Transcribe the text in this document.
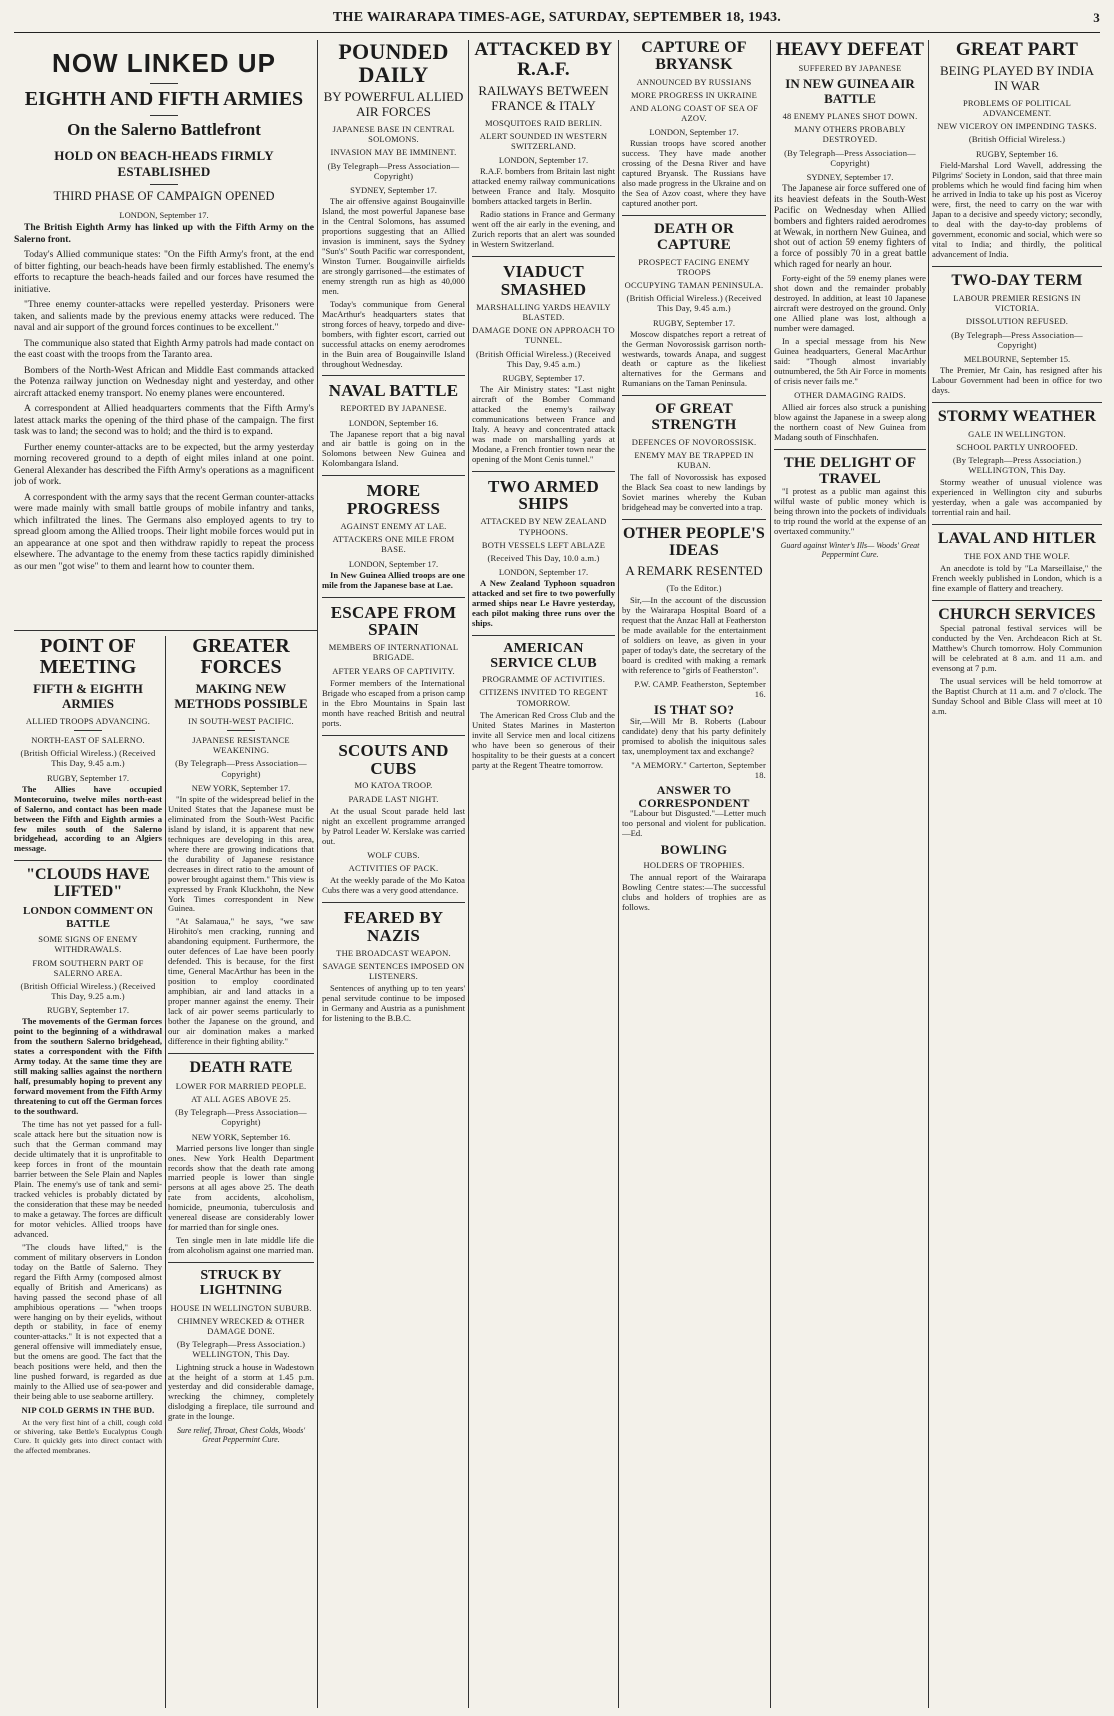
THE WAIRARAPA TIMES-AGE, SATURDAY, SEPTEMBER 18, 1943.	3
NOW LINKED UP
EIGHTH AND FIFTH ARMIES
On the Salerno Battlefront
HOLD ON BEACH-HEADS FIRMLY ESTABLISHED
THIRD PHASE OF CAMPAIGN OPENED
LONDON, September 17.

The British Eighth Army has linked up with the Fifth Army on the Salerno front.

Today's Allied communique states: "On the Fifth Army's front, at the end of bitter fighting, our beach-heads have been firmly established. The enemy's efforts to recapture the beach-heads failed and our forces have resumed the initiative.

"Three enemy counter-attacks were repelled yesterday. Prisoners were taken, and salients made by the previous enemy attacks were reduced. The naval and air support of the ground forces continues to be excellent."

The communique also stated that Eighth Army patrols had made contact on the east coast with the troops from the Taranto area.

Bombers of the North-West African and Middle East commands attacked the Potenza railway junction on Wednesday night and yesterday, and other aircraft attacked enemy transport. No enemy planes were encountered.

A correspondent at Allied headquarters comments that the Fifth Army's latest attack marks the opening of the third phase of the campaign. The first task was to land; the second was to hold; and the third is to expand.

Further enemy counter-attacks are to be expected, but the army yesterday morning recovered ground to a depth of eight miles inland at one point. General Alexander has described the Fifth Army's operations as a magnificent job of work.

A correspondent with the army says that the recent German counter-attacks were made mainly with small battle groups of mobile infantry and tanks, which infiltrated the lines. The Germans also employed agents to try to spread gloom among the Allied troops. Their light mobile forces would put in an appearance at one spot and then withdraw rapidly to repeat the process elsewhere. The advantage to the enemy from these tactics rapidly diminished as our men "got wise" to them and learnt how to counter them.

POINT OF MEETING
FIFTH & EIGHTH ARMIES
ALLIED TROOPS ADVANCING.
NORTH-EAST OF SALERNO.
(British Official Wireless.) (Received This Day, 9.45 a.m.)
RUGBY, September 17.

The Allies have occupied Montecoruino, twelve miles north-east of Salerno, and contact has been made between the Fifth and Eighth armies a few miles south of the Salerno bridgehead, according to an Algiers message.

"CLOUDS HAVE LIFTED"
LONDON COMMENT ON BATTLE
SOME SIGNS OF ENEMY WITHDRAWALS.
FROM SOUTHERN PART OF SALERNO AREA.
(British Official Wireless.) (Received This Day, 9.25 a.m.)
RUGBY, September 17.

The movements of the German forces point to the beginning of a withdrawal from the southern Salerno bridgehead, states a correspondent with the Fifth Army today. At the same time they are still making sallies against the northern half, presumably hoping to prevent any forward movement from the Fifth Army threatening to cut off the German forces to the southward.

The time has not yet passed for a full-scale attack here but the situation now is such that the German command may decide ultimately that it is unprofitable to keep forces in front of the mountain barrier between the Sele Plain and Naples Plain. The enemy's use of tank and semi-tracked vehicles is probably dictated by the consideration that these may be needed to make a getaway. The forces are difficult for motor vehicles. Allied troops have advanced.

"The clouds have lifted," is the comment of military observers in London today on the Battle of Salerno. They regard the Fifth Army (composed almost equally of British and Americans) as having passed the second phase of all amphibious operations — "when troops were hanging on by their eyelids, without depth or stability, in face of enemy counter-attacks." It is not expected that a general offensive will immediately ensue, but the omens are good. The fact that the beach positions were held, and then the line pushed forward, is regarded as due mainly to the Allied use of sea-power and their being able to use seaborne artillery.

NIP COLD GERMS IN THE BUD.

At the very first hint of a chill, cough cold or shivering, take Bettle's Eucalyptus Cough Cure. It quickly gets into direct contact with the affected membranes.

GREATER FORCES
MAKING NEW METHODS POSSIBLE
IN SOUTH-WEST PACIFIC.
JAPANESE RESISTANCE WEAKENING.
(By Telegraph—Press Association—Copyright)
NEW YORK, September 17.

"In spite of the widespread belief in the United States that the Japanese must be eliminated from the South-West Pacific island by island, it is apparent that new techniques are developing in this area, where there are growing indications that the durability of Japanese resistance decreases in direct ratio to the amount of power brought against them." This view is expressed by Frank Kluckhohn, the New York Times correspondent in New Guinea.

"At Salamaua," he says, "we saw Hirohito's men cracking, running and abandoning equipment. Furthermore, the outer defences of Lae have been poorly defended. This is because, for the first time, General MacArthur has been in the position to employ coordinated amphibian, air and land attacks in a proper manner against the enemy. Their lack of air power seems particularly to bother the Japanese on the ground, and our air domination makes a marked difference in their fighting ability."

DEATH RATE
LOWER FOR MARRIED PEOPLE.
AT ALL AGES ABOVE 25.
(By Telegraph—Press Association—Copyright)
NEW YORK, September 16.

Married persons live longer than single ones. New York Health Department records show that the death rate among married people is lower than single persons at all ages above 25. The death rate from accidents, alcoholism, homicide, pneumonia, tuberculosis and venereal disease are considerably lower for married than for single ones.

Ten single men in late middle life die from alcoholism against one married man.

STRUCK BY LIGHTNING
HOUSE IN WELLINGTON SUBURB.
CHIMNEY WRECKED & OTHER DAMAGE DONE.
(By Telegraph—Press Association.) WELLINGTON, This Day.

Lightning struck a house in Wadestown at the height of a storm at 1.45 p.m. yesterday and did considerable damage, wrecking the chimney, completely dislodging a fireplace, tile surround and grate in the lounge.

Sure relief, Throat, Chest Colds, Woods' Great Peppermint Cure.
POUNDED DAILY
BY POWERFUL ALLIED AIR FORCES
JAPANESE BASE IN CENTRAL SOLOMONS.
INVASION MAY BE IMMINENT.
(By Telegraph—Press Association—Copyright)
SYDNEY, September 17.

The air offensive against Bougainville Island, the most powerful Japanese base in the Central Solomons, has assumed proportions suggesting that an Allied invasion is imminent, says the Sydney "Sun's" South Pacific war correspondent, Winston Turner. Bougainville airfields are strongly garrisoned—the estimates of enemy strength run as high as 40,000 men.

Today's communique from General MacArthur's headquarters states that strong forces of heavy, torpedo and dive-bombers, with fighter escort, carried out successful attacks on enemy aerodromes in the Buin area of Bougainville Island throughout Wednesday.

NAVAL BATTLE
REPORTED BY JAPANESE.
LONDON, September 16.

The Japanese report that a big naval and air battle is going on in the Solomons between New Guinea and Kolombangara Island.

MORE PROGRESS
AGAINST ENEMY AT LAE.
ATTACKERS ONE MILE FROM BASE.
LONDON, September 17.

In New Guinea Allied troops are one mile from the Japanese base at Lae.

ESCAPE FROM SPAIN
MEMBERS OF INTERNATIONAL BRIGADE.
AFTER YEARS OF CAPTIVITY.

Former members of the International Brigade who escaped from a prison camp in the Ebro Mountains in Spain last month have reached British and neutral ports.

SCOUTS AND CUBS
MO KATOA TROOP.
PARADE LAST NIGHT.

At the usual Scout parade held last night an excellent programme arranged by Patrol Leader W. Kerslake was carried out.

WOLF CUBS.
ACTIVITIES OF PACK.

At the weekly parade of the Mo Katoa Cubs there was a very good attendance.

FEARED BY NAZIS
THE BROADCAST WEAPON.
SAVAGE SENTENCES IMPOSED ON LISTENERS.

Sentences of anything up to ten years' penal servitude continue to be imposed in Germany and Austria as a punishment for listening to the B.B.C.

ATTACKED BY R.A.F.
RAILWAYS BETWEEN FRANCE & ITALY
MOSQUITOES RAID BERLIN.
ALERT SOUNDED IN WESTERN SWITZERLAND.
LONDON, September 17.

R.A.F. bombers from Britain last night attacked enemy railway communications between France and Italy. Mosquito bombers attacked targets in Berlin.

Radio stations in France and Germany went off the air early in the evening, and Zurich reports that an alert was sounded in Western Switzerland.

VIADUCT SMASHED
MARSHALLING YARDS HEAVILY BLASTED.
DAMAGE DONE ON APPROACH TO TUNNEL.
(British Official Wireless.) (Received This Day, 9.45 a.m.)
RUGBY, September 17.

The Air Ministry states: "Last night aircraft of the Bomber Command attacked the enemy's railway communications between France and Italy. A heavy and concentrated attack was made on marshalling yards at Modane, a French frontier town near the opening of the Mont Cenis tunnel."

TWO ARMED SHIPS
ATTACKED BY NEW ZEALAND TYPHOONS.
BOTH VESSELS LEFT ABLAZE
(Received This Day, 10.0 a.m.)
LONDON, September 17.

A New Zealand Typhoon squadron attacked and set fire to two powerfully armed ships near Le Havre yesterday, each pilot making three runs over the ships.

AMERICAN SERVICE CLUB
PROGRAMME OF ACTIVITIES.
CITIZENS INVITED TO REGENT TOMORROW.

The American Red Cross Club and the United States Marines in Masterton invite all Service men and local citizens who have been so generous of their hospitality to be their guests at a concert party at the Regent Theatre tomorrow.

CAPTURE OF BRYANSK
ANNOUNCED BY RUSSIANS
MORE PROGRESS IN UKRAINE
AND ALONG COAST OF SEA OF AZOV.
LONDON, September 17.

Russian troops have scored another success. They have made another crossing of the Desna River and have captured Bryansk. The Russians have also made progress in the Ukraine and on the Sea of Azov coast, where they have captured another port.

DEATH OR CAPTURE
PROSPECT FACING ENEMY TROOPS
OCCUPYING TAMAN PENINSULA.
(British Official Wireless.) (Received This Day, 9.45 a.m.)
RUGBY, September 17.

Moscow dispatches report a retreat of the German Novorossisk garrison north-westwards, towards Anapa, and suggest death or capture as the likeliest alternatives for the Germans and Rumanians on the Taman Peninsula.

OF GREAT STRENGTH
DEFENCES OF NOVOROSSISK.
ENEMY MAY BE TRAPPED IN KUBAN.

The fall of Novorossisk has exposed the Black Sea coast to new landings by Soviet marines whereby the Kuban bridgehead may be converted into a trap.

OTHER PEOPLE'S IDEAS
A REMARK RESENTED
(To the Editor.)

Sir,—In the account of the discussion by the Wairarapa Hospital Board of a request that the Anzac Hall at Featherston be made available for the entertainment of soldiers on leave, as given in your paper of today's date, the secretary of the board is credited with making a remark with reference to "girls of Featherston".

P.W. CAMP. Featherston, September 16.
IS THAT SO?

Sir,—Will Mr B. Roberts (Labour candidate) deny that his party definitely promised to abolish the iniquitous sales tax, unemployment tax and exchange?

"A MEMORY." Carterton, September 18.
ANSWER TO CORRESPONDENT

"Labour but Disgusted."—Letter much too personal and violent for publication.—Ed.

BOWLING
HOLDERS OF TROPHIES.

The annual report of the Wairarapa Bowling Centre states:—The successful clubs and holders of trophies are as follows.

HEAVY DEFEAT
SUFFERED BY JAPANESE
IN NEW GUINEA AIR BATTLE
48 ENEMY PLANES SHOT DOWN.
MANY OTHERS PROBABLY DESTROYED.
(By Telegraph—Press Association—Copyright)
SYDNEY, September 17.

The Japanese air force suffered one of its heaviest defeats in the South-West Pacific on Wednesday when Allied bombers and fighters raided aerodromes at Wewak, in northern New Guinea, and shot out of action 59 enemy fighters of a force of possibly 70 in a great battle which raged for nearly an hour.

Forty-eight of the 59 enemy planes were shot down and the remainder probably destroyed. In addition, at least 10 Japanese aircraft were destroyed on the ground. Only one Allied plane was lost, although a number were damaged.

In a special message from his New Guinea headquarters, General MacArthur said: "Though almost invariably outnumbered, the 5th Air Force in moments of crisis never fails me."

OTHER DAMAGING RAIDS.

Allied air forces also struck a punishing blow against the Japanese in a sweep along the northern coast of New Guinea from Madang south of Finschhafen.

THE DELIGHT OF TRAVEL

"I protest as a public man against this wilful waste of public money which is being thrown into the pockets of individuals to trip round the world at the expense of an overtaxed community."

Guard against Winter's Ills— Woods' Great Peppermint Cure.
GREAT PART
BEING PLAYED BY INDIA IN WAR
PROBLEMS OF POLITICAL ADVANCEMENT.
NEW VICEROY ON IMPENDING TASKS.
(British Official Wireless.)
RUGBY, September 16.

Field-Marshal Lord Wavell, addressing the Pilgrims' Society in London, said that three main problems which he would find facing him when he arrived in India to take up his post as Viceroy were, first, the need to carry on the war with Japan to a decisive and speedy victory; secondly, to deal with the day-to-day problems of government, economic and social, which were so vital to India; and thirdly, the political advancement of India.

TWO-DAY TERM
LABOUR PREMIER RESIGNS IN VICTORIA.
DISSOLUTION REFUSED.
(By Telegraph—Press Association—Copyright)
MELBOURNE, September 15.

The Premier, Mr Cain, has resigned after his Labour Government had been in office for two days.

STORMY WEATHER
GALE IN WELLINGTON.
SCHOOL PARTLY UNROOFED.
(By Telegraph—Press Association.) WELLINGTON, This Day.

Stormy weather of unusual violence was experienced in Wellington city and suburbs yesterday, when a gale was accompanied by torrential rain and hail.

LAVAL AND HITLER
THE FOX AND THE WOLF.

An anecdote is told by "La Marseillaise," the French weekly published in London, which is a fine example of flattery and treachery.

CHURCH SERVICES

Special patronal festival services will be conducted by the Ven. Archdeacon Rich at St. Matthew's Church tomorrow. Holy Communion will be celebrated at 8 a.m. and 11 a.m. and evensong at 7 p.m.

The usual services will be held tomorrow at the Baptist Church at 11 a.m. and 7 o'clock. The Sunday School and Bible Class will meet at 10 a.m.
